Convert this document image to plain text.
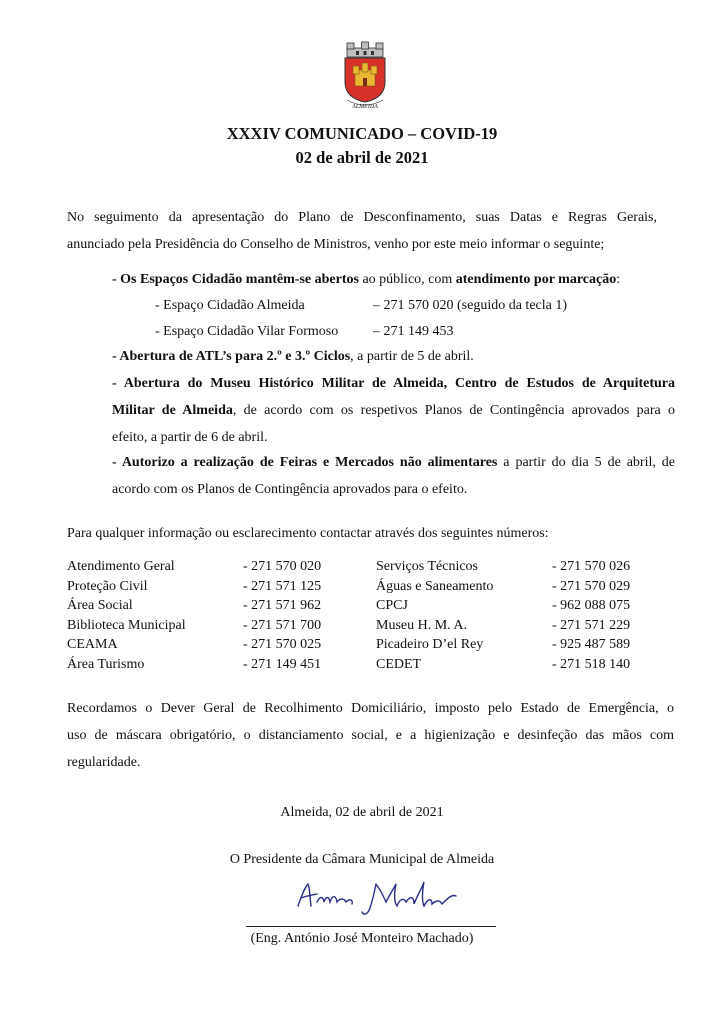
ALMEIDA
XXXIV COMUNICADO – COVID-19
02 de abril de 2021
No seguimento da apresentação do Plano de Desconfinamento, suas Datas e Regras Gerais,
anunciado pela Presidência do Conselho de Ministros, venho por este meio informar o seguinte;
- Os Espaços Cidadão mantêm-se abertos ao público, com atendimento por marcação:
- Espaço Cidadão Almeida	– 271 570 020 (seguido da tecla 1)
- Espaço Cidadão Vilar Formoso – 271 149 453
- Abertura de ATL’s para 2.º e 3.º Ciclos, a partir de 5 de abril.
- Abertura do Museu Histórico Militar de Almeida, Centro de Estudos de Arquitetura
Militar de Almeida, de acordo com os respetivos Planos de Contingência aprovados para o
efeito, a partir de 6 de abril.
- Autorizo a realização de Feiras e Mercados não alimentares a partir do dia 5 de abril, de
acordo com os Planos de Contingência aprovados para o efeito.
Para qualquer informação ou esclarecimento contactar através dos seguintes números:
Atendimento Geral
Proteção Civil
Área Social
Biblioteca Municipal
CEAMA
Área Turismo
- 271 570 020
- 271 571 125
- 271 571 962
- 271 571 700
- 271 570 025
- 271 149 451
Serviços Técnicos
Águas e Saneamento
CPCJ
Museu H. M. A.
Picadeiro D’el Rey
CEDET
- 271 570 026
- 271 570 029
- 962 088 075
- 271 571 229
- 925 487 589
- 271 518 140
Recordamos o Dever Geral de Recolhimento Domiciliário, imposto pelo Estado de Emergência, o
uso de máscara obrigatório, o distanciamento social, e a higienização e desinfeção das mãos com
regularidade.
Almeida, 02 de abril de 2021
O Presidente da Câmara Municipal de Almeida
(Eng. António José Monteiro Machado)
